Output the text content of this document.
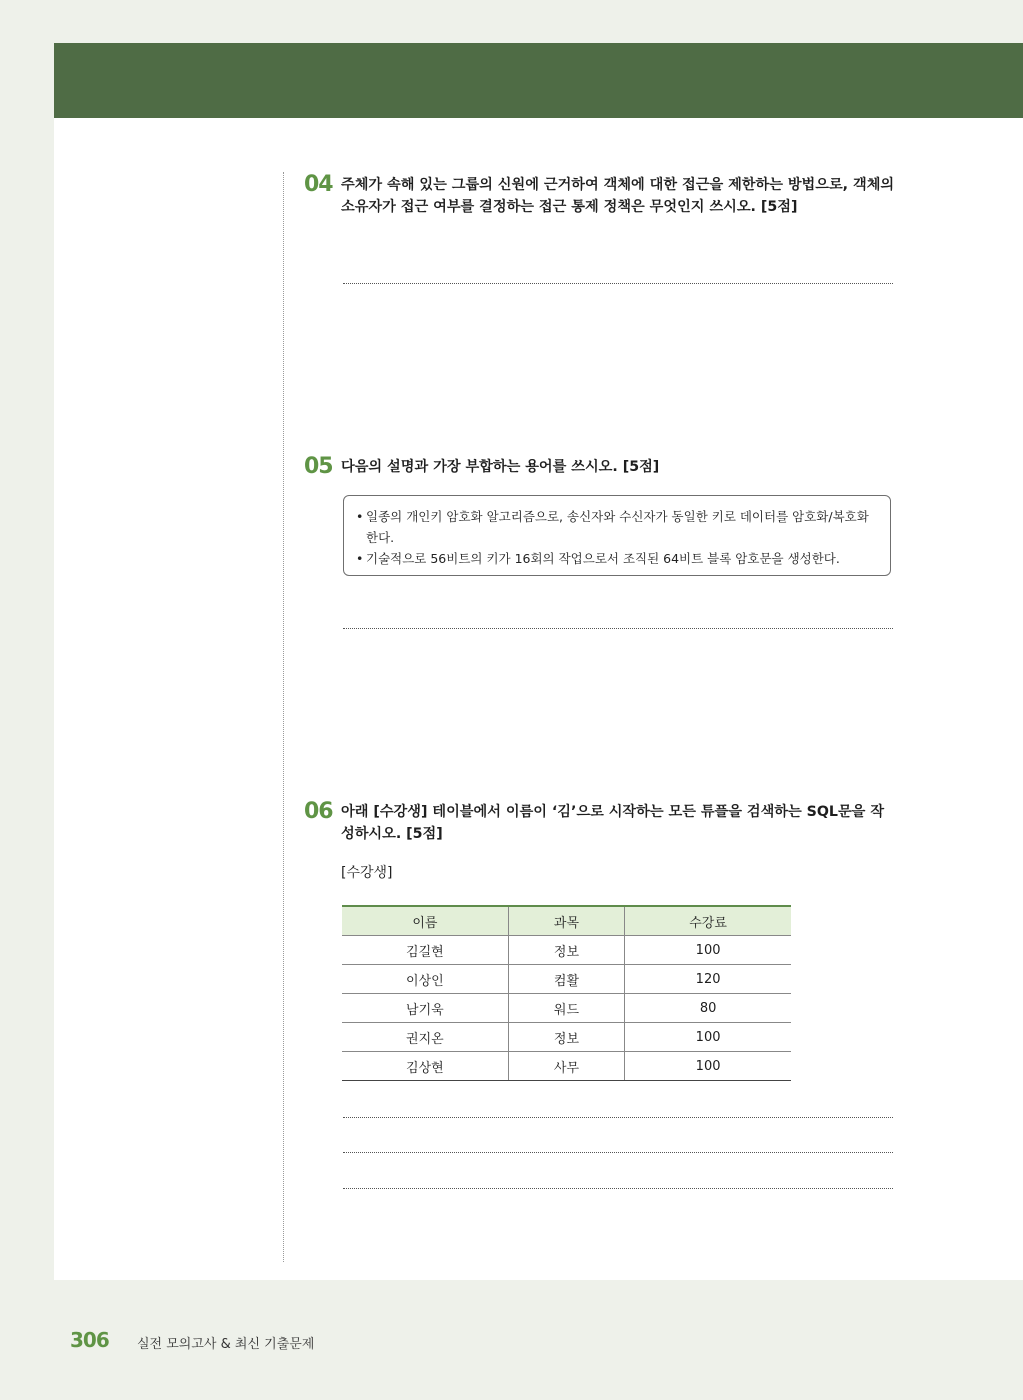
04 주체가 속해 있는 그룹의 신원에 근거하여 객체에 대한 접근을 제한하는 방법으로, 객체의 소유자가 접근 여부를 결정하는 접근 통제 정책은 무엇인지 쓰시오. [5점]
05 다음의 설명과 가장 부합하는 용어를 쓰시오. [5점]
• 일종의 개인키 암호화 알고리즘으로, 송신자와 수신자가 동일한 키로 데이터를 암호화/복호화 한다.
• 기술적으로 56비트의 키가 16회의 작업으로서 조직된 64비트 블록 암호문을 생성한다.
06 아래 [수강생] 테이블에서 이름이 ‘김’으로 시작하는 모든 튜플을 검색하는 SQL문을 작성하시오. [5점]
[수강생]
이름	과목	수강료
김길현	정보	100
이상인	컴활	120
남기욱	워드	80
권지온	정보	100
김상현	사무	100
306 실전 모의고사 & 최신 기출문제
